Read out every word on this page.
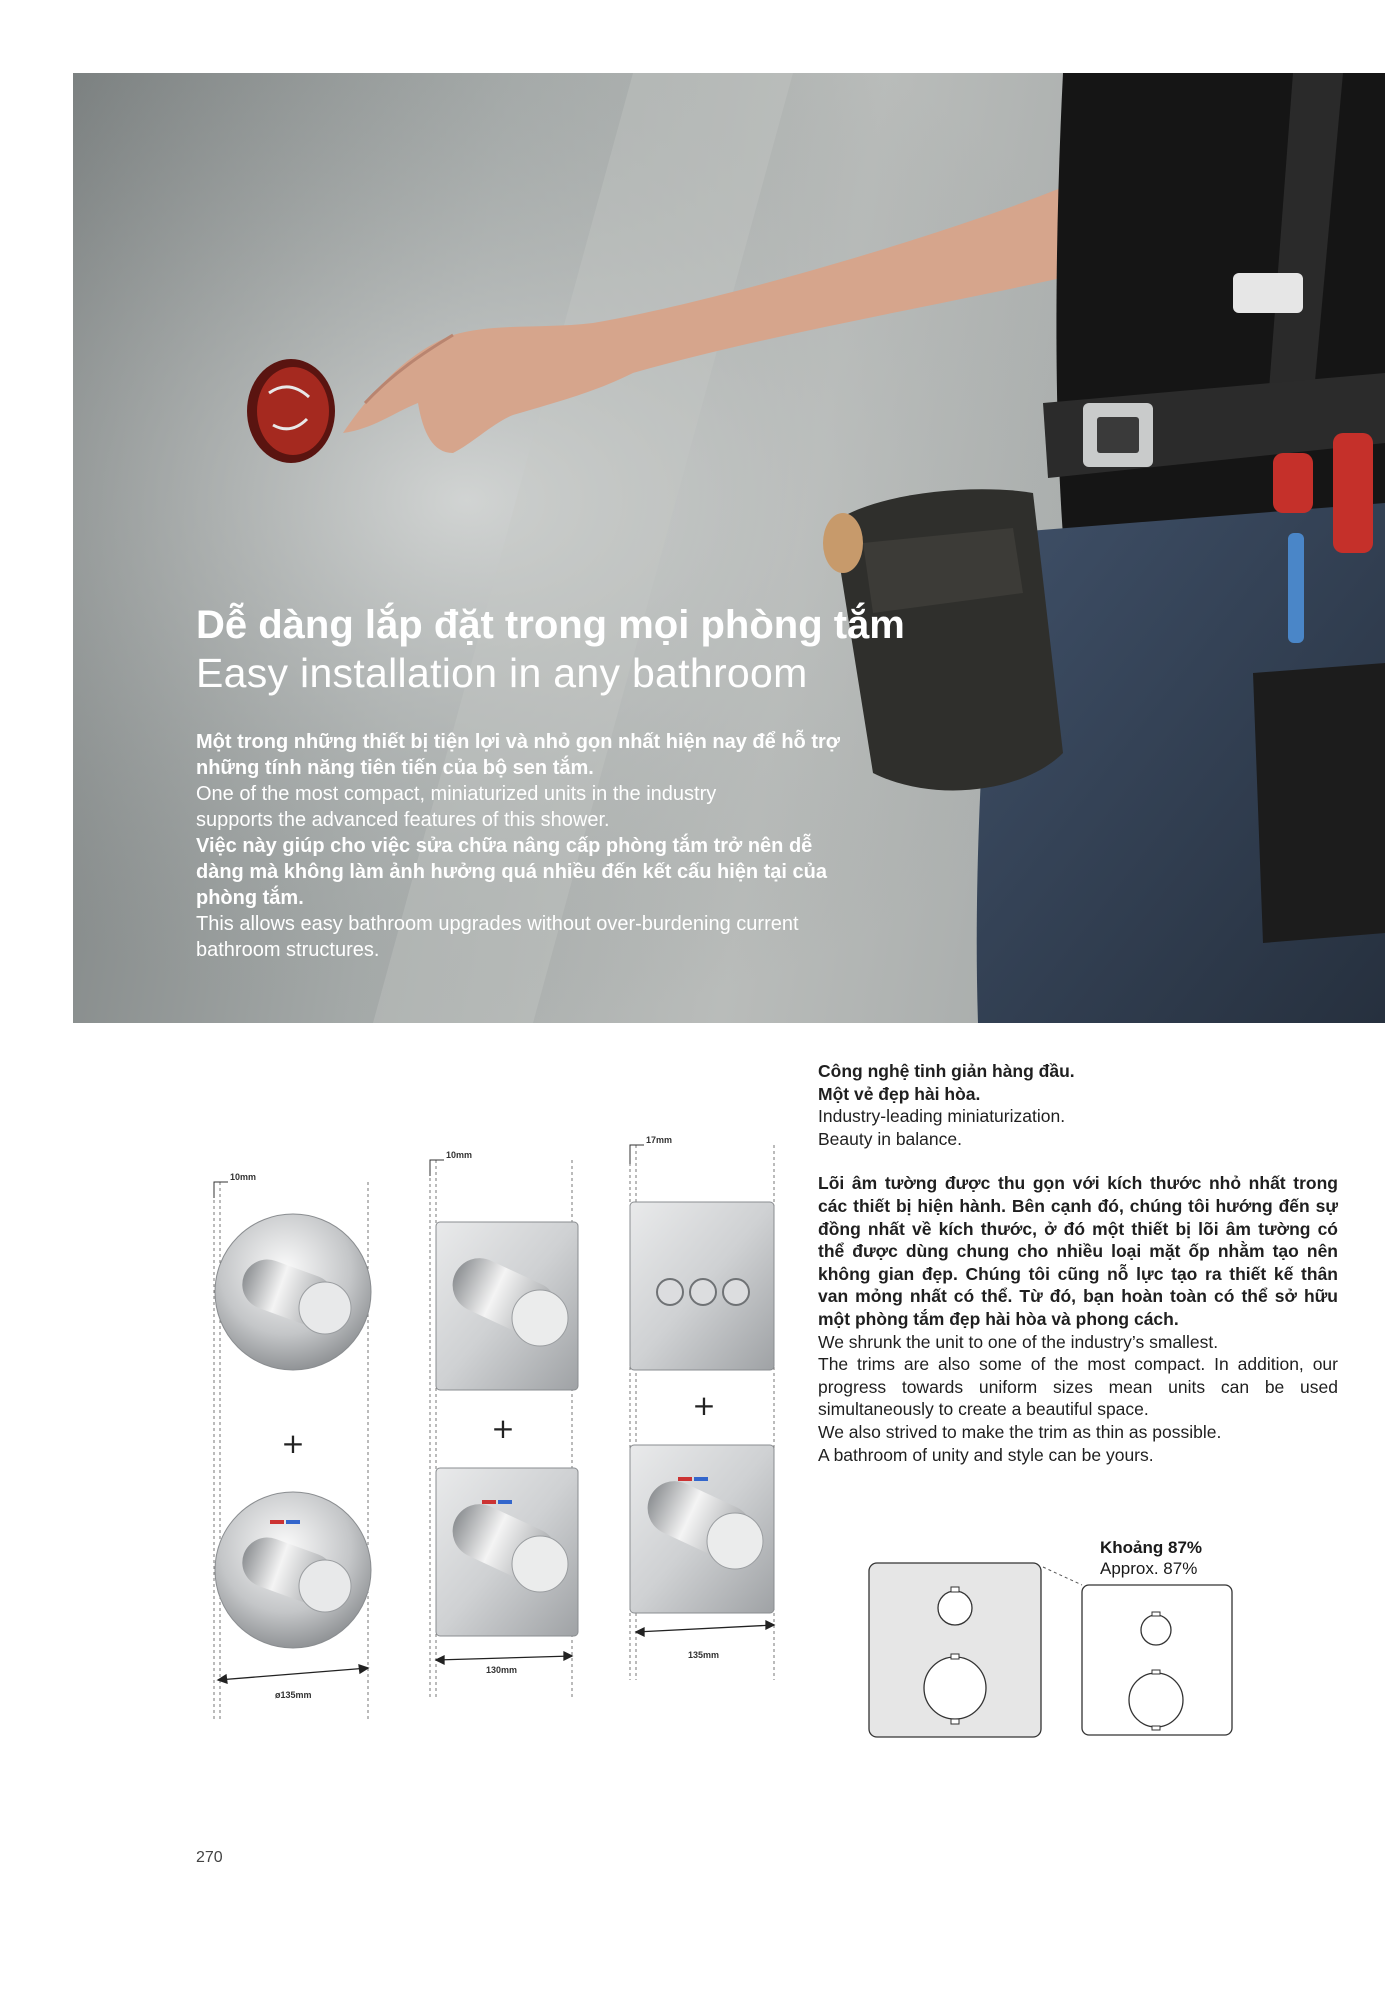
Dễ dàng lắp đặt trong mọi phòng tắm

Easy installation in any bathroom

Một trong những thiết bị tiện lợi và nhỏ gọn nhất hiện nay để hỗ trợ

những tính năng tiên tiến của bộ sen tắm.

One of the most compact, miniaturized units in the industry

supports the advanced features of this shower.

Việc này giúp cho việc sửa chữa nâng cấp phòng tắm trở nên dễ

dàng mà không làm ảnh hưởng quá nhiều đến kết cấu hiện tại của

phòng tắm.

This allows easy bathroom upgrades without over-burdening current

bathroom structures.

+	+
+
10mm
10mm
17mm
ø135mm
130mm
135mm

Công nghệ tinh giản hàng đầu.

Một vẻ đẹp hài hòa.

Industry-leading miniaturization.

Beauty in balance.

Lõi âm tường được thu gọn với kích thước nhỏ nhất trong các thiết bị hiện hành. Bên cạnh đó, chúng tôi hướng đến sự đồng nhất về kích thước, ở đó một thiết bị lõi âm tường có thể được dùng chung cho nhiều loại mặt ốp nhằm tạo nên không gian đẹp. Chúng tôi cũng nỗ lực tạo ra thiết kế thân van mỏng nhất có thể. Từ đó, bạn hoàn toàn có thể sở hữu một phòng tắm đẹp hài hòa và phong cách.

We shrunk the unit to one of the industry’s smallest.

The trims are also some of the most compact. In addition, our progress towards uniform sizes mean units can be used simultaneously to create a beautiful space.

We also strived to make the trim as thin as possible.

A bathroom of unity and style can be yours.

Khoảng 87%
Approx. 87%
270
